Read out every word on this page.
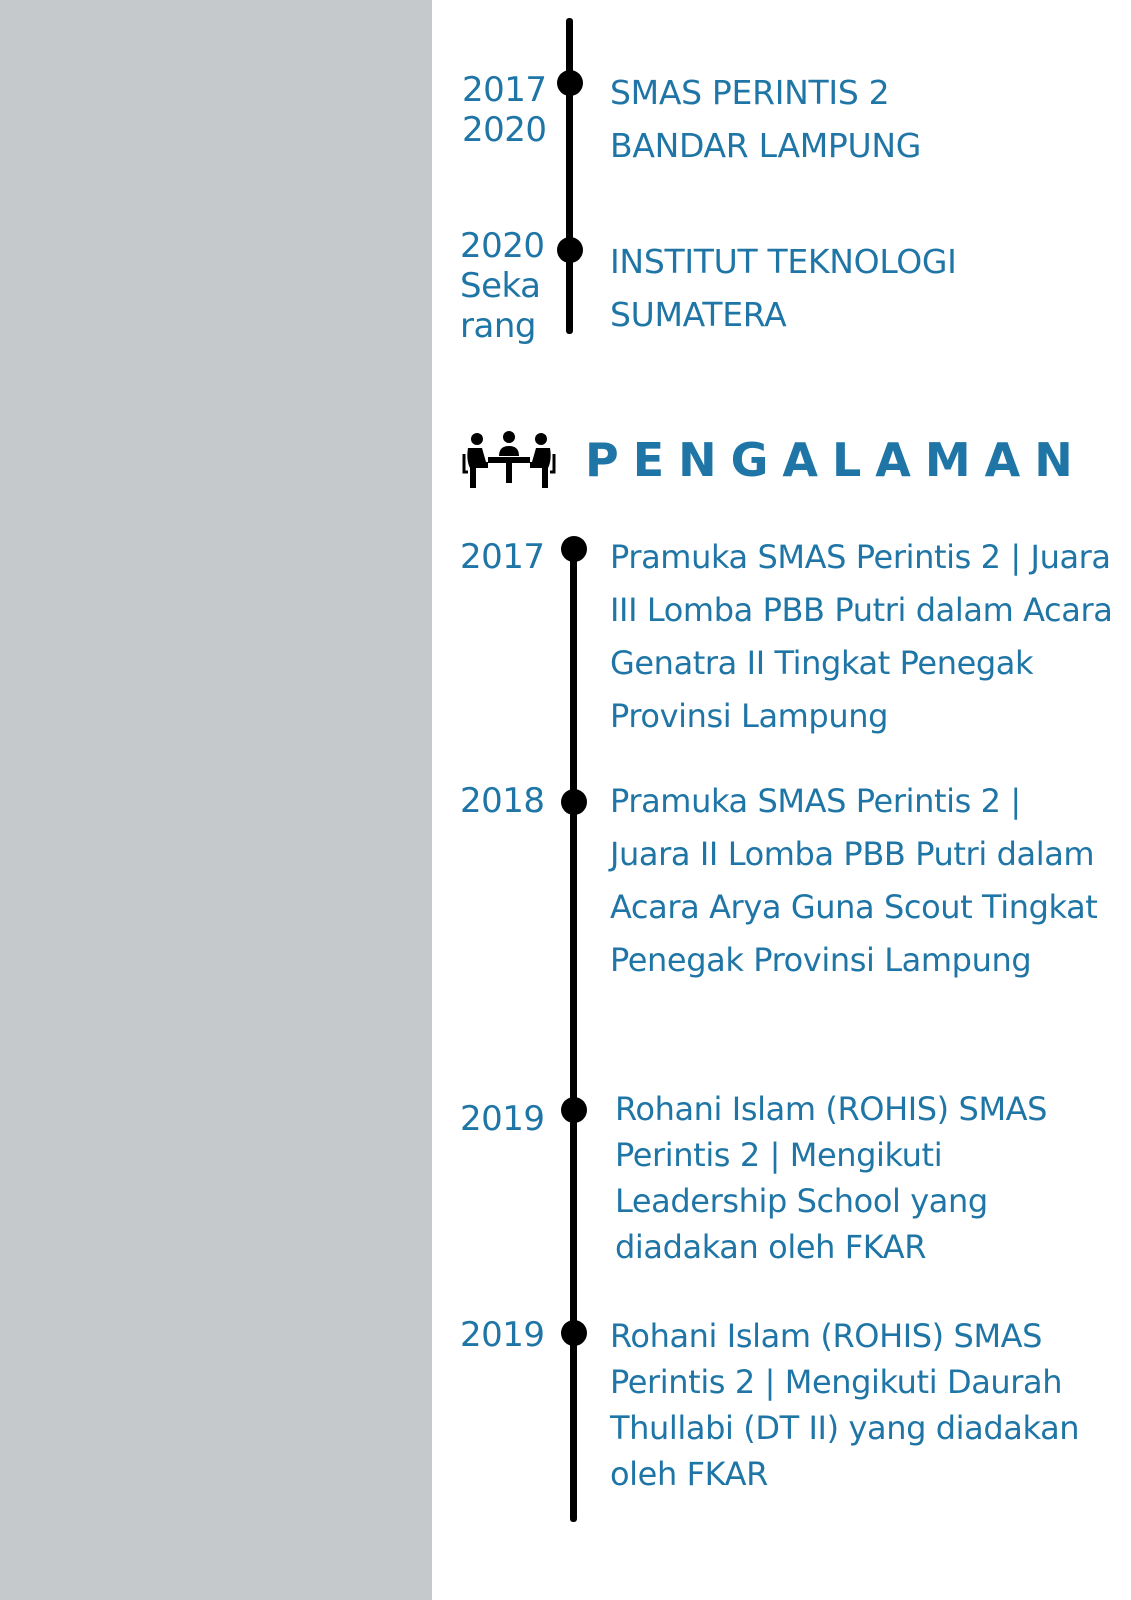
2017
2020
SMAS PERINTIS 2
BANDAR LAMPUNG
2020
Seka
rang
INSTITUT TEKNOLOGI
SUMATERA
PENGALAMAN
2017 Pramuka SMAS Perintis 2 | Juara III Lomba PBB Putri dalam Acara Genatra II Tingkat Penegak Provinsi Lampung
2018 Pramuka SMAS Perintis 2 | Juara II Lomba PBB Putri dalam Acara Arya Guna Scout Tingkat Penegak Provinsi Lampung
2019 Rohani Islam (ROHIS) SMAS Perintis 2 | Mengikuti Leadership School yang diadakan oleh FKAR
2019 Rohani Islam (ROHIS) SMAS Perintis 2 | Mengikuti Daurah Thullabi (DT II) yang diadakan oleh FKAR
